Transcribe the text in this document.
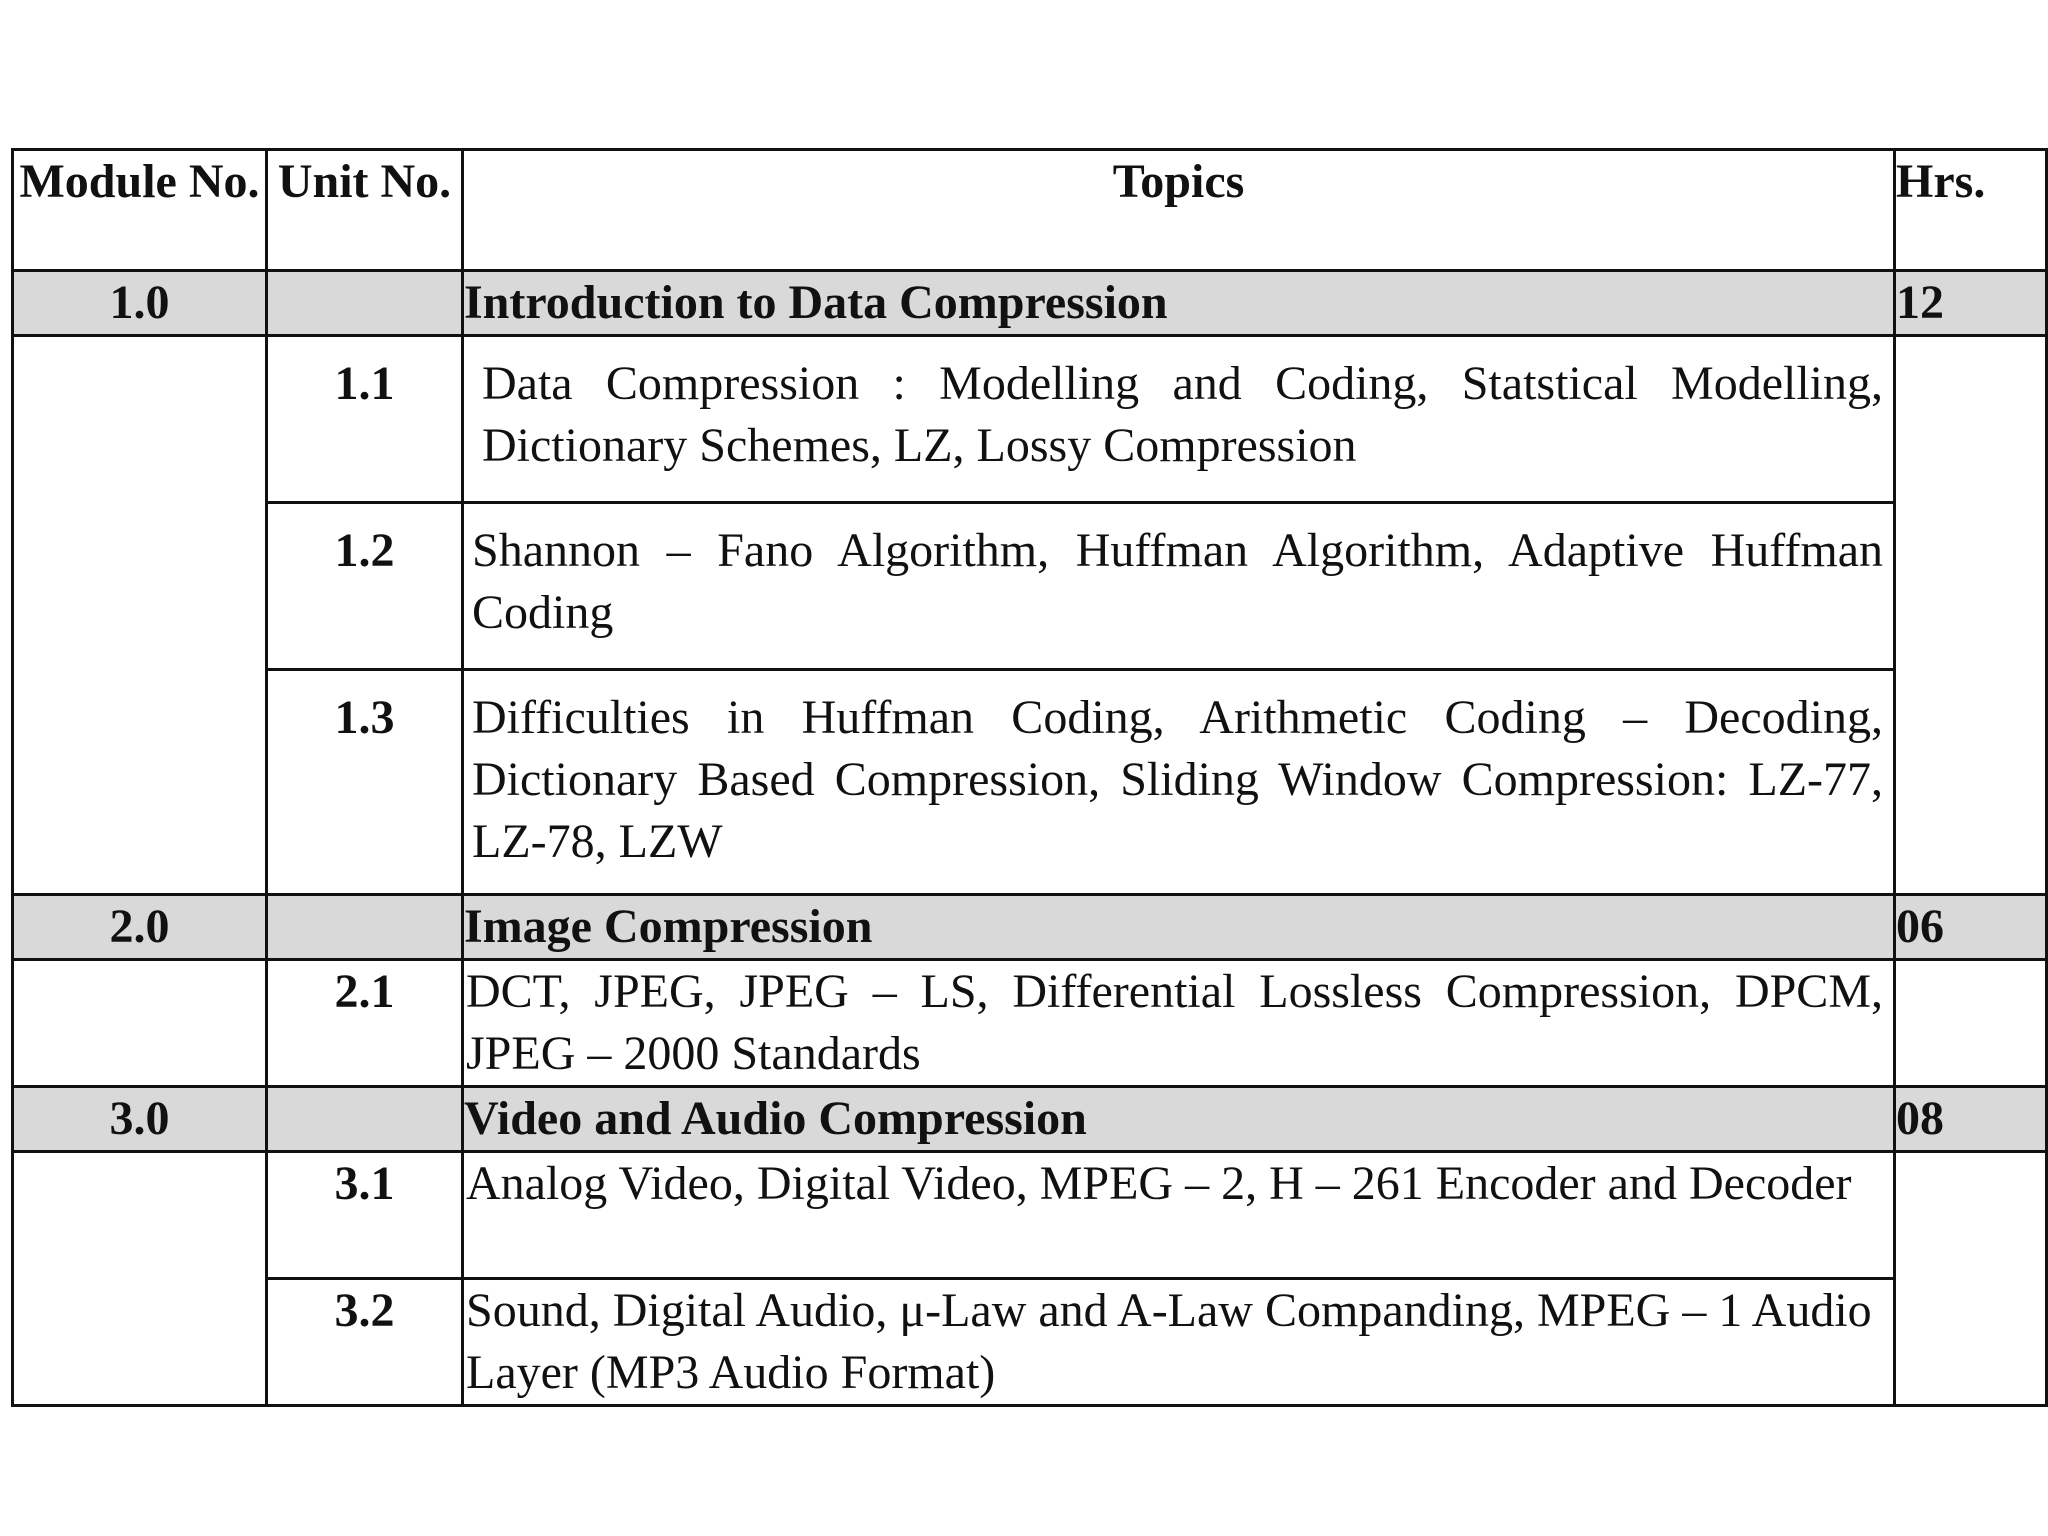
Module No.	Unit No.	Topics	Hrs.
1.0		Introduction to Data Compression	12
	1.1	Data Compression : Modelling and Coding, Statstical Modelling, Dictionary Schemes, LZ, Lossy Compression	
	1.2	Shannon – Fano Algorithm, Huffman Algorithm, Adaptive Huffman Coding	
	1.3	Difficulties in Huffman Coding, Arithmetic Coding – Decoding, Dictionary Based Compression, Sliding Window Compression: LZ-77, LZ-78, LZW	
2.0		Image Compression	06
	2.1	DCT, JPEG, JPEG – LS, Differential Lossless Compression, DPCM, JPEG – 2000 Standards	
3.0		Video and Audio Compression	08
	3.1	Analog Video, Digital Video, MPEG – 2, H – 261 Encoder and Decoder	
	3.2	Sound, Digital Audio, μ-Law and A-Law Companding, MPEG – 1 Audio Layer (MP3 Audio Format)	
